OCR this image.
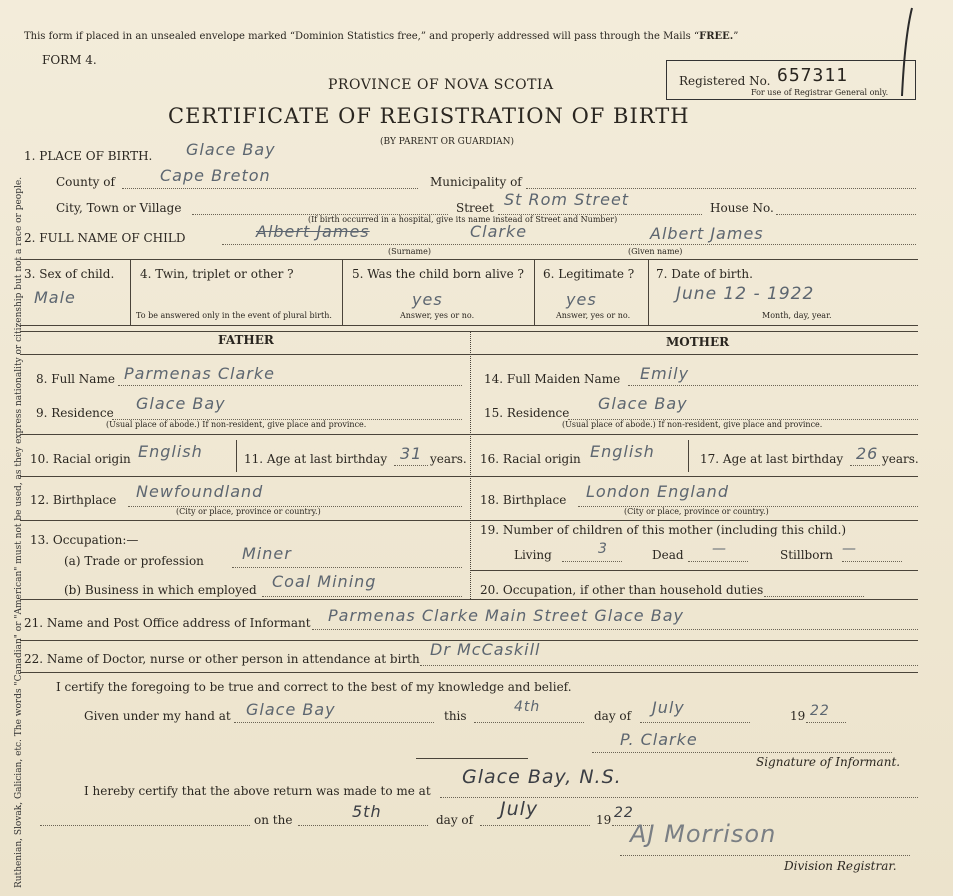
Ruthenian, Slovak, Galician, etc. The words "Canadian" or "American" must not be used, as they express nationality or citizenship but not a race or people.
This form if placed in an unsealed envelope marked “Dominion Statistics free,” and properly addressed will pass through the Mails “FREE.”
FORM 4.
PROVINCE OF NOVA SCOTIA
CERTIFICATE OF REGISTRATION OF BIRTH
(BY PARENT OR GUARDIAN)
Registered No. 657311
For use of Registrar General only.
1. PLACE OF BIRTH. Glace Bay
County of	Cape Breton	Municipality of
City, Town or Village	Street St Rom Street	House No.
(If birth occurred in a hospital, give its name instead of Street and Number)
2. FULL NAME OF CHILD	Albert James	Clarke	Albert James
(Surname)	(Given name)
3. Sex of child.
Male
4. Twin, triplet or other ?
To be answered only in the event of plural birth.
5. Was the child born alive ?
yes
Answer, yes or no.
6. Legitimate ?
yes
Answer, yes or no.
7. Date of birth.
June 12 - 1922
Month, day, year.
FATHER	MOTHER
8. Full Name Parmenas Clarke
9. Residence Glace Bay
(Usual place of abode.) If non-resident, give place and province.
10. Racial origin English	11. Age at last birthday 31 years.
12. Birthplace Newfoundland
(City or place, province or country.)
13. Occupation:—
(a) Trade or profession Miner
(b) Business in which employed Coal Mining
14. Full Maiden Name Emily
15. Residence Glace Bay
(Usual place of abode.) If non-resident, give place and province.
16. Racial origin English	17. Age at last birthday 26 years.
18. Birthplace London England
(City or place, province or country.)
19. Number of children of this mother (including this child.)
Living	3	Dead —	Stillborn —
20. Occupation, if other than household duties
21. Name and Post Office address of Informant Parmenas Clarke Main Street Glace Bay
22. Name of Doctor, nurse or other person in attendance at birth Dr McCaskill
I certify the foregoing to be true and correct to the best of my knowledge and belief.
Given under my hand at Glace Bay	this
4th
day of July	19 22
P. Clarke
Signature of Informant.
I hereby certify that the above return was made to me at
Glace Bay, N.S.
on the	5th	day of July	19 22
AJ Morrison
Division Registrar.
